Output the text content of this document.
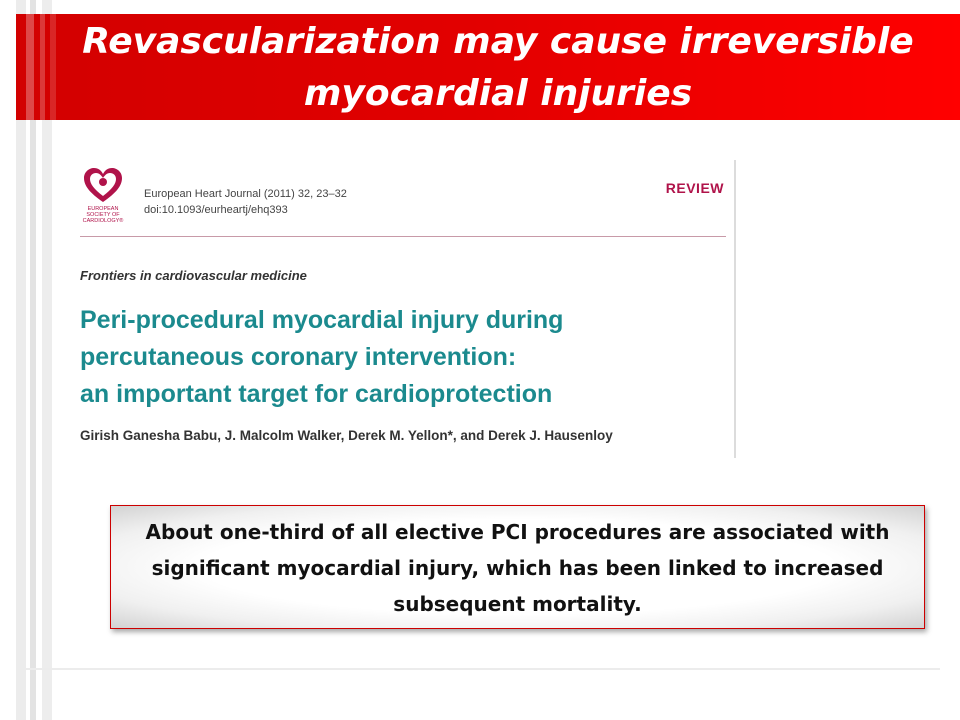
Revascularization may cause irreversible
myocardial injuries
EUROPEAN
SOCIETY OF
CARDIOLOGY®
European Heart Journal (2011) 32, 23–32
doi:10.1093/eurheartj/ehq393
REVIEW
Frontiers in cardiovascular medicine
Peri-procedural myocardial injury during
percutaneous coronary intervention:
an important target for cardioprotection
Girish Ganesha Babu, J. Malcolm Walker, Derek M. Yellon*, and Derek J. Hausenloy
About one-third of all elective PCI procedures are associated with significant myocardial injury, which has been linked to increased subsequent mortality.
